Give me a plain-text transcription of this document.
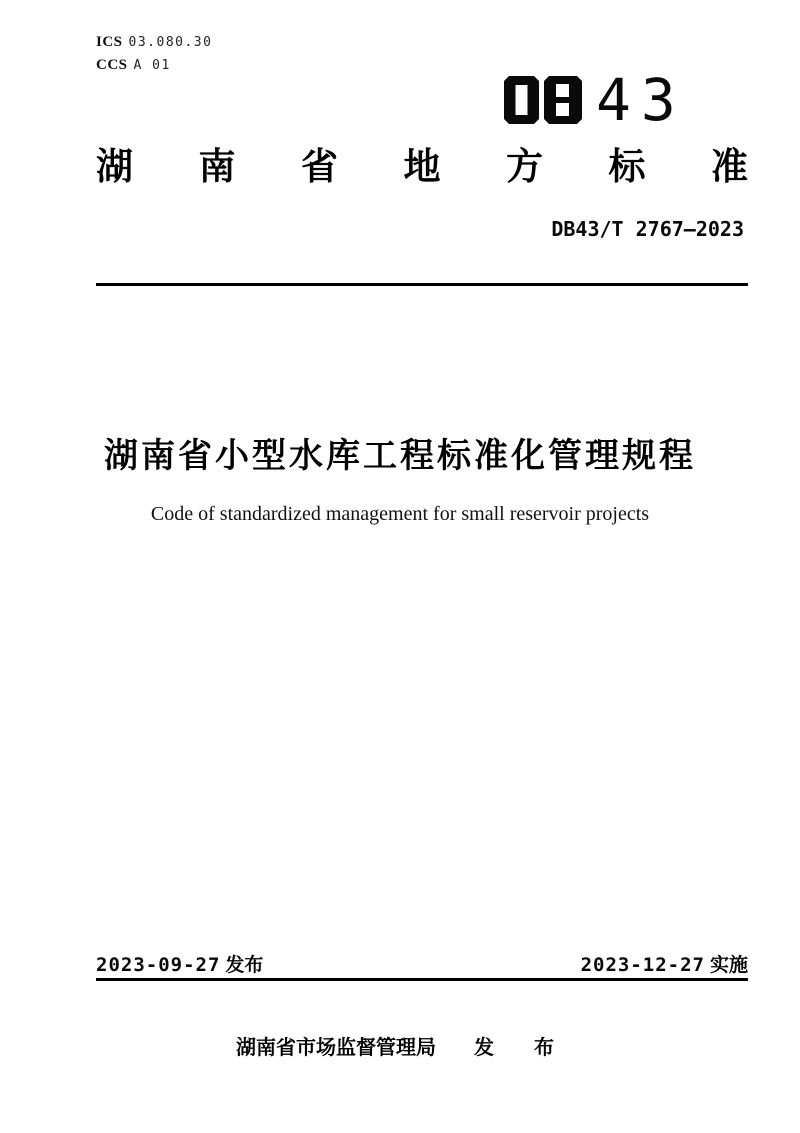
ICS 03.080.30
CCS A 01
43
湖 南 省 地 方 标 准
DB43/T 2767—2023
湖南省小型水库工程标准化管理规程
Code of standardized management for small reservoir projects
2023-09-27 发布	2023-12-27 实施
湖南省市场监督管理局 发　布
